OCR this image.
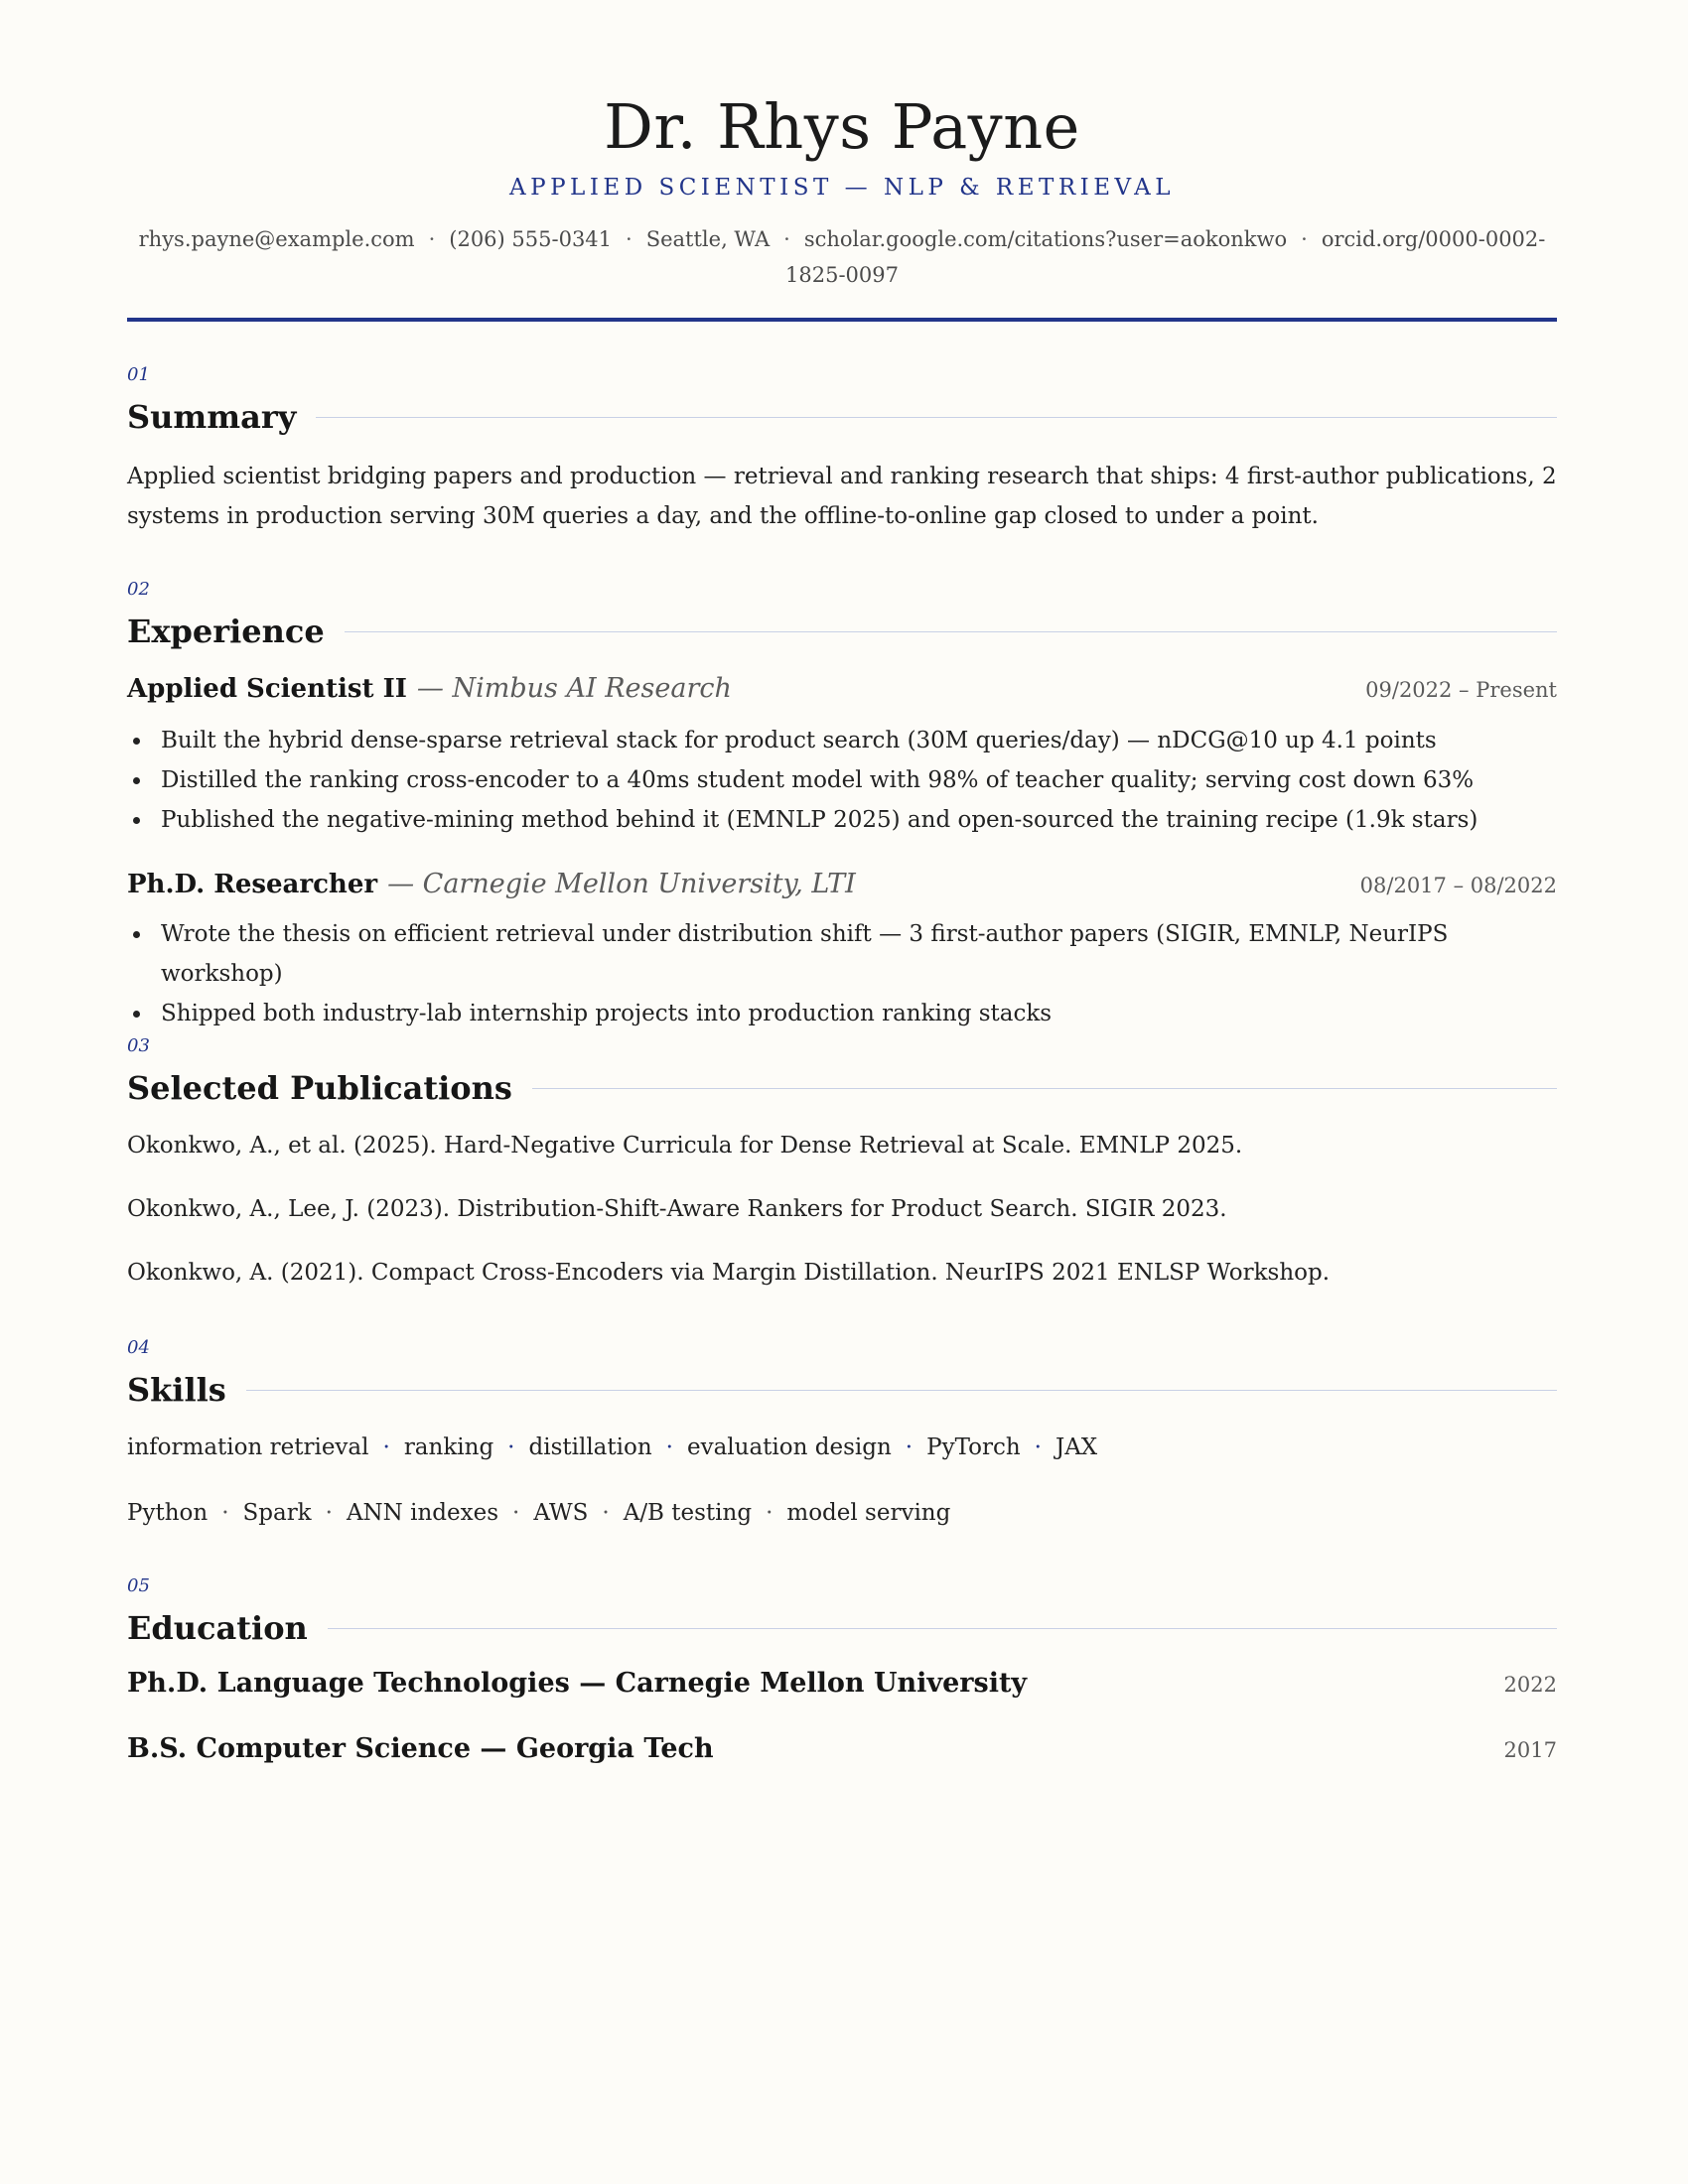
Dr. Rhys Payne
APPLIED SCIENTIST — NLP & RETRIEVAL
rhys.payne@example.com · (206) 555-0341 · Seattle, WA · scholar.google.com/citations?user=aokonkwo · orcid.org/0000-0002-
1825-0097
01
Summary
Applied scientist bridging papers and production — retrieval and ranking research that ships: 4 first-author publications, 2 systems in production serving 30M queries a day, and the offline-to-online gap closed to under a point.
02
Experience
Applied Scientist II — Nimbus AI Research	09/2022 – Present
Built the hybrid dense-sparse retrieval stack for product search (30M queries/day) — nDCG@10 up 4.1 points
Distilled the ranking cross-encoder to a 40ms student model with 98% of teacher quality; serving cost down 63%
Published the negative-mining method behind it (EMNLP 2025) and open-sourced the training recipe (1.9k stars)
Ph.D. Researcher — Carnegie Mellon University, LTI	08/2017 – 08/2022
Wrote the thesis on efficient retrieval under distribution shift — 3 first-author papers (SIGIR, EMNLP, NeurIPS workshop)
Shipped both industry-lab internship projects into production ranking stacks
03
Selected Publications
Okonkwo, A., et al. (2025). Hard-Negative Curricula for Dense Retrieval at Scale. EMNLP 2025.
Okonkwo, A., Lee, J. (2023). Distribution-Shift-Aware Rankers for Product Search. SIGIR 2023.
Okonkwo, A. (2021). Compact Cross-Encoders via Margin Distillation. NeurIPS 2021 ENLSP Workshop.
04
Skills
information retrieval · ranking · distillation · evaluation design · PyTorch · JAX
Python · Spark · ANN indexes · AWS · A/B testing · model serving
05
Education
Ph.D. Language Technologies — Carnegie Mellon University	2022
B.S. Computer Science — Georgia Tech	2017
